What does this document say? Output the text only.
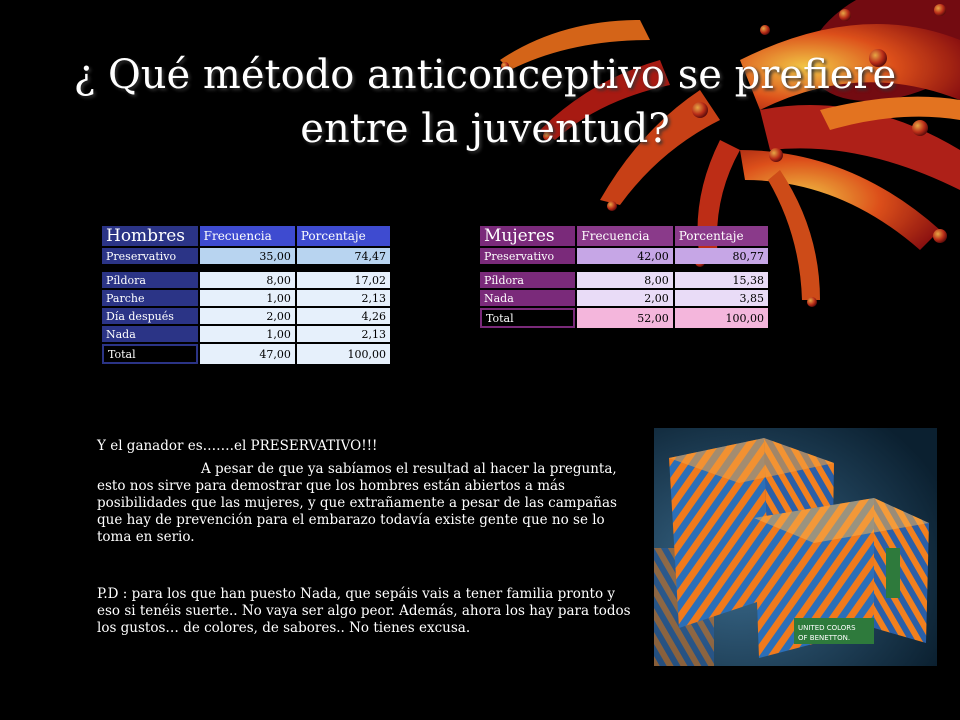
¿ Qué método anticonceptivo se prefiere
entre la juventud?
Hombres	Frecuencia	Porcentaje
Preservativo	35,00	74,47

Píldora	8,00	17,02
Parche	1,00	2,13
Día después	2,00	4,26
Nada	1,00	2,13
Total	47,00	100,00
Mujeres	Frecuencia	Porcentaje
Preservativo	42,00	80,77

Píldora	8,00	15,38
Nada	2,00	3,85
Total	52,00	100,00

Y el ganador es…….el PRESERVATIVO!!!

A pesar de que ya sabíamos el resultad al hacer la pregunta, esto nos sirve para demostrar que los hombres están abiertos a más posibilidades que las mujeres, y que extrañamente a pesar de las campañas que hay de prevención para el embarazo todavía existe gente que no se lo toma en serio.

P.D : para los que han puesto Nada, que sepáis vais a tener familia pronto y eso si tenéis suerte.. No vaya ser algo peor. Además, ahora los hay para todos los gustos… de colores, de sabores.. No tienes excusa.	UNITED COLORS
OF BENETTON.
